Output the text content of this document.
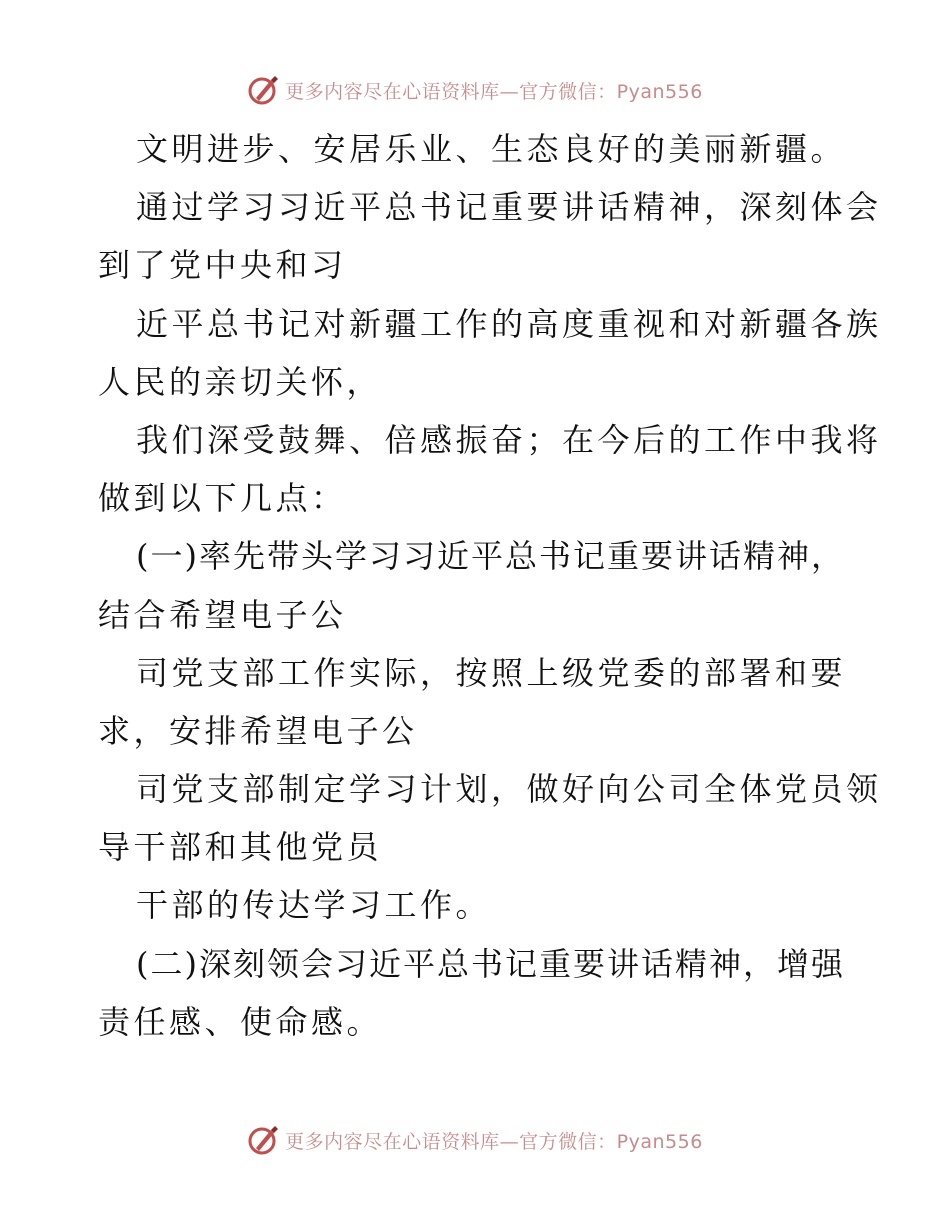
更多内容尽在心语资料库—官方微信：Pyan556
文明进步、安居乐业、生态良好的美丽新疆。
通过学习习近平总书记重要讲话精神，深刻体会
到了党中央和习
近平总书记对新疆工作的高度重视和对新疆各族
人民的亲切关怀，
我们深受鼓舞、倍感振奋；在今后的工作中我将
做到以下几点：
(一)率先带头学习习近平总书记重要讲话精神，
结合希望电子公
司党支部工作实际，按照上级党委的部署和要
求，安排希望电子公
司党支部制定学习计划，做好向公司全体党员领
导干部和其他党员
干部的传达学习工作。
(二)深刻领会习近平总书记重要讲话精神，增强
责任感、使命感。
更多内容尽在心语资料库—官方微信：Pyan556
